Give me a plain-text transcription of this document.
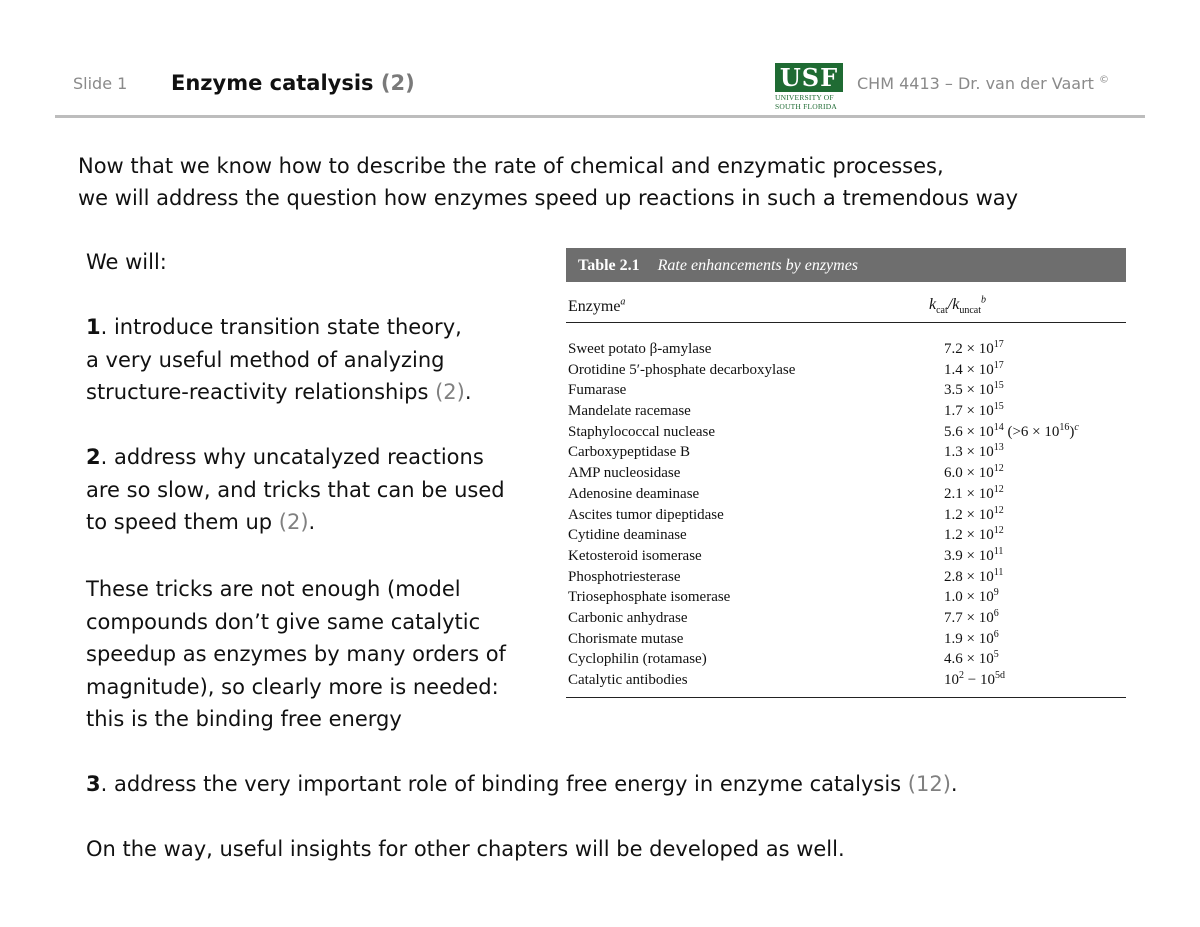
Slide 1 Enzyme catalysis (2)	USF
UNIVERSITY OF
SOUTH FLORIDA
CHM 4413 – Dr. van der Vaart ©
Now that we know how to describe the rate of chemical and enzymatic processes,
we will address the question how enzymes speed up reactions in such a tremendous way
We will:
1. introduce transition state theory,
a very useful method of analyzing
structure-reactivity relationships (2).
2. address why uncatalyzed reactions
are so slow, and tricks that can be used
to speed them up (2).
These tricks are not enough (model
compounds don’t give same catalytic
speedup as enzymes by many orders of
magnitude), so clearly more is needed:
this is the binding free energy
3. address the very important role of binding free energy in enzyme catalysis (12).
On the way, useful insights for other chapters will be developed as well.
Table 2.1 Rate enhancements by enzymes
Enzyme$^a$	$k_{cat}/k_{uncat}^b$
Sweet potato β-amylase	$7.2 \times 10^{17}$
Orotidine 5′-phosphate decarboxylase	$1.4 \times 10^{17}$
Fumarase	$3.5 \times 10^{15}$
Mandelate racemase	$1.7 \times 10^{15}$
Staphylococcal nuclease	$5.6 \times 10^{14}$ $(>6 \times 10^{16})^c$
Carboxypeptidase B	$1.3 \times 10^{13}$
AMP nucleosidase	$6.0 \times 10^{12}$
Adenosine deaminase	$2.1 \times 10^{12}$
Ascites tumor dipeptidase	$1.2 \times 10^{12}$
Cytidine deaminase	$1.2 \times 10^{12}$
Ketosteroid isomerase	$3.9 \times 10^{11}$
Phosphotriesterase	$2.8 \times 10^{11}$
Triosephosphate isomerase	$1.0 \times 10^9$
Carbonic anhydrase	$7.7 \times 10^6$
Chorismate mutase	$1.9 \times 10^6$
Cyclophilin (rotamase)	$4.6 \times 10^5$
Catalytic antibodies	$10^2 - 10^{5d}$
